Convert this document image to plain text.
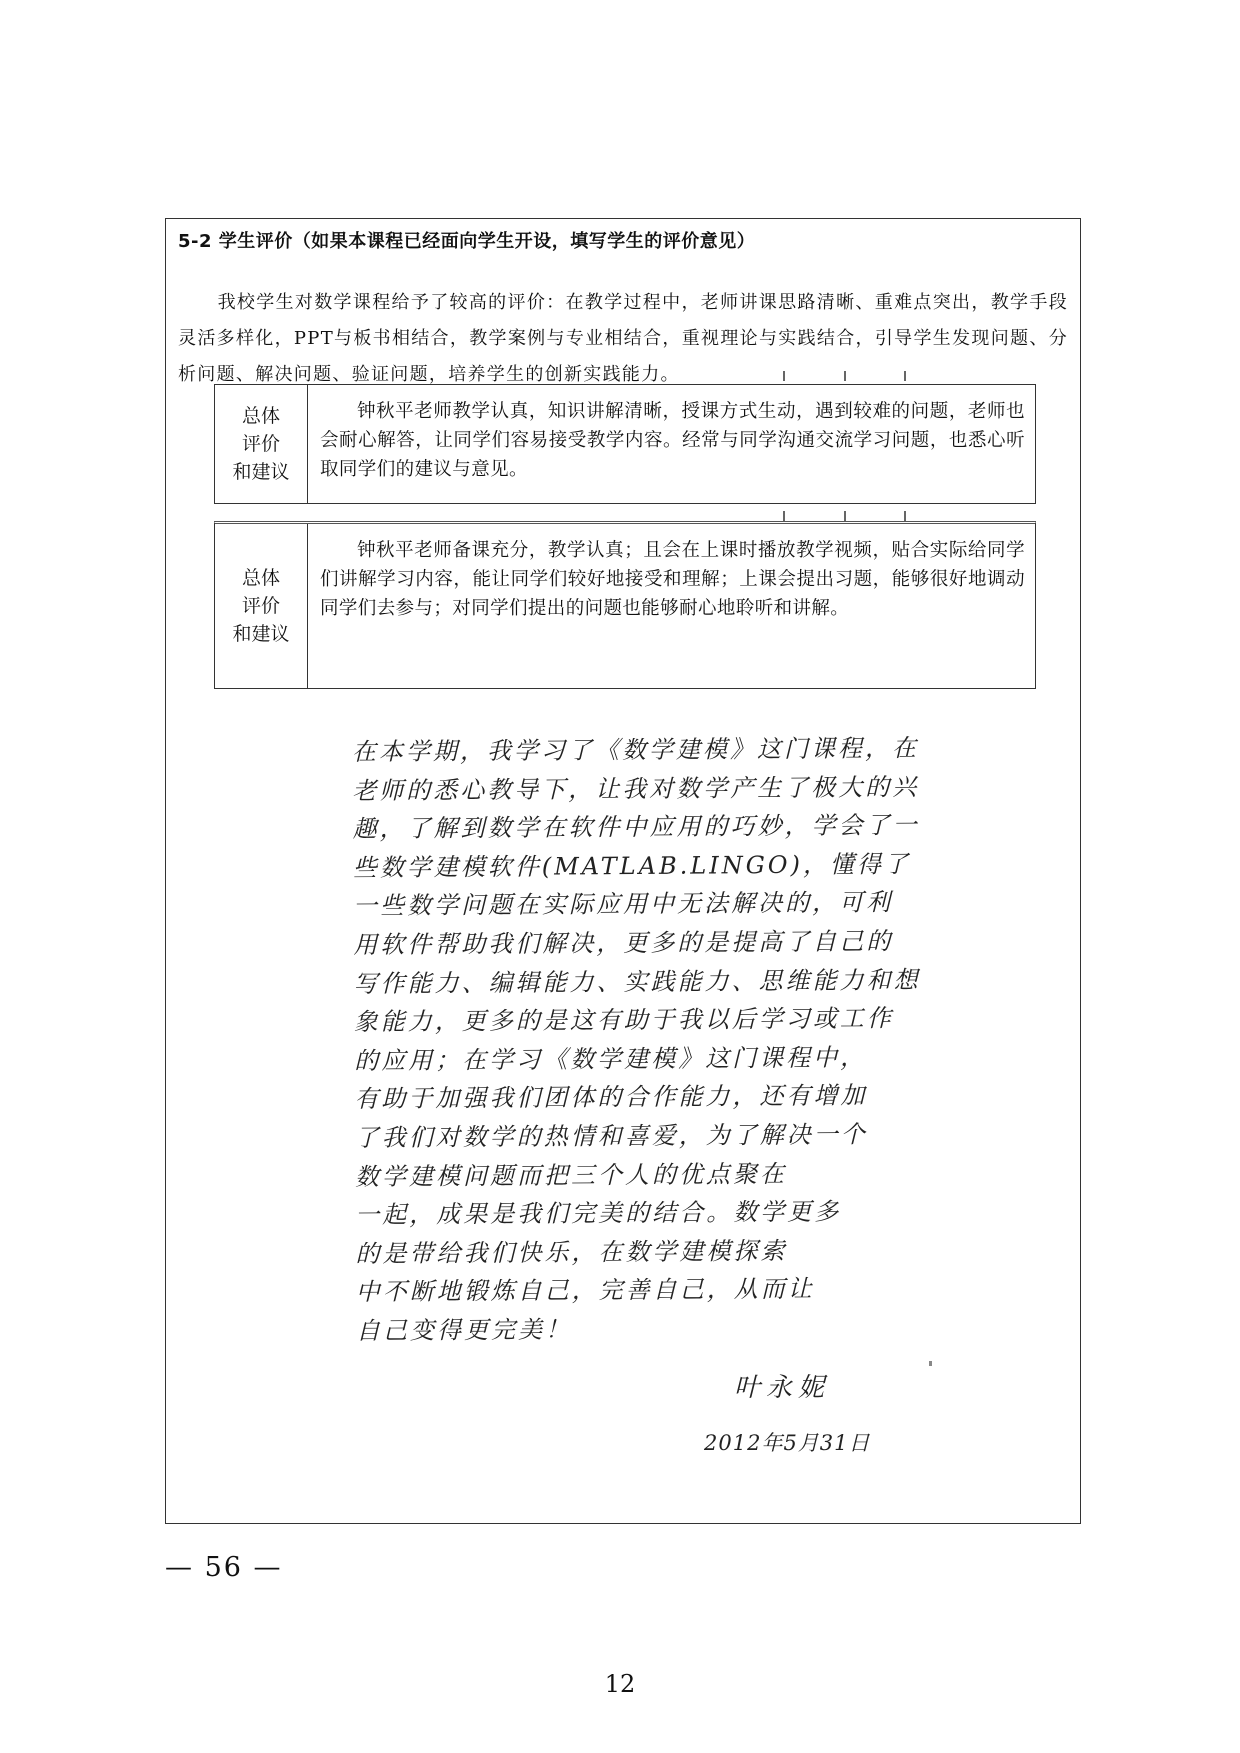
5-2 学生评价（如果本课程已经面向学生开设，填写学生的评价意见）

我校学生对数学课程给予了较高的评价：在教学过程中，老师讲课思路清晰、重难点突出，教学手段灵活多样化，PPT与板书相结合，教学案例与专业相结合，重视理论与实践结合，引导学生发现问题、分析问题、解决问题、验证问题，培养学生的创新实践能力。

总体
评价
和建议

钟秋平老师教学认真，知识讲解清晰，授课方式生动，遇到较难的问题，老师也会耐心解答，让同学们容易接受教学内容。经常与同学沟通交流学习问题，也悉心听取同学们的建议与意见。

总体
评价
和建议

钟秋平老师备课充分，教学认真；且会在上课时播放教学视频，贴合实际给同学们讲解学习内容，能让同学们较好地接受和理解；上课会提出习题，能够很好地调动同学们去参与；对同学们提出的问题也能够耐心地聆听和讲解。

在本学期，我学习了《数学建模》这门课程，在
老师的悉心教导下，让我对数学产生了极大的兴
趣，了解到数学在软件中应用的巧妙，学会了一
些数学建模软件(MATLAB.LINGO)，懂得了
一些数学问题在实际应用中无法解决的，可利
用软件帮助我们解决，更多的是提高了自己的
写作能力、编辑能力、实践能力、思维能力和想
象能力，更多的是这有助于我以后学习或工作
的应用；在学习《数学建模》这门课程中，
有助于加强我们团体的合作能力，还有增加
了我们对数学的热情和喜爱，为了解决一个
数学建模问题而把三个人的优点聚在
一起，成果是我们完美的结合。数学更多
的是带给我们快乐，在数学建模探索
中不断地锻炼自己，完善自己，从而让
自己变得更完美！
叶永妮
2012年5月31日
— 56 —
12
